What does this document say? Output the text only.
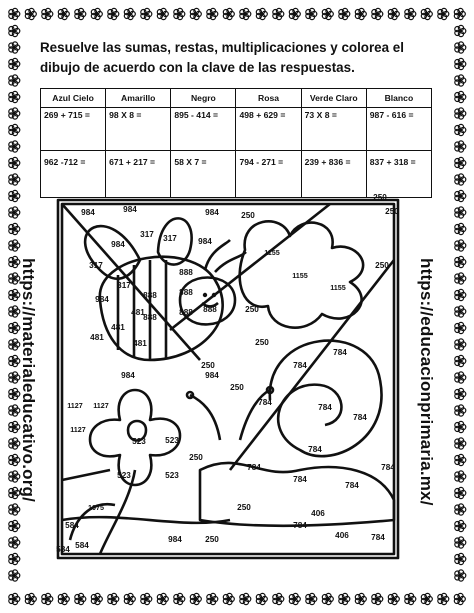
1155
1155
1155
888
888
888
888
888
888
481
481
481
481
317 317
317
317
984	984	984
984	984
984
984	984
250
250
250
250
250
250
250
1127 1127
1127
523
523
523
523
1075
584
584
584
784
784
784
784
784
784
784
784
784
784
784
784
406
406
984	250
250
250
250
Resuelve las sumas, restas, multiplicaciones y colorea el dibujo de acuerdo con la clave de las respuestas.
Azul Cielo	Amarillo	Negro	Rosa	Verde Claro	Blanco
269 + 715 =	98 X 8 =	895 - 414 =	498 + 629 =	73 X 8 =	987 - 616 =
962 -712 =	671 + 217 =	58 X 7 =	794 - 271 =	239 + 836 =	837 + 318 =
https://materialeducativo.org/	https://educacionprimaria.mx/
